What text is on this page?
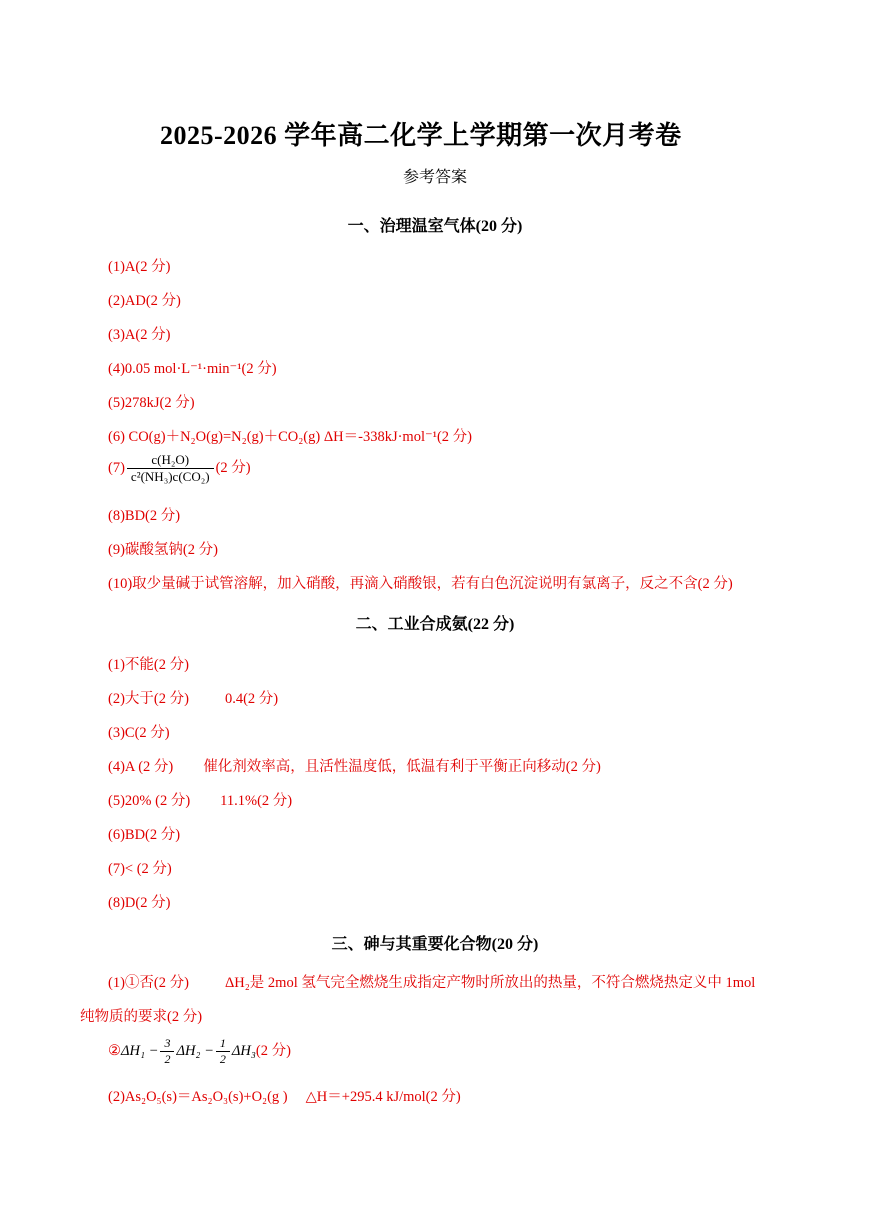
2025-2026 学年高二化学上学期第一次月考卷
参考答案
一、治理温室气体(20 分)
(1)A(2 分)
(2)AD(2 分)
(3)A(2 分)
(4)0.05 mol·L⁻¹·min⁻¹(2 分)
(5)278kJ(2 分)
(6) CO(g)＋N₂O(g)=N₂(g)＋CO₂(g) ΔH＝-338kJ·mol⁻¹(2 分)
$(7) \frac{\text{c(H₂O)}}{\text{c²(NH₃)c(CO₂)}} (2$ 分)
(8)BD(2 分)
(9)碳酸氢钠(2 分)
(10)取少量碱于试管溶解，加入硝酸，再滴入硝酸银，若有白色沉淀说明有氯离子，反之不含(2 分)
二、工业合成氨(22 分)
(1)不能(2 分)
(2)大于(2 分) 0.4(2 分)
(3)C(2 分)
(4)A (2 分) 催化剂效率高，且活性温度低，低温有利于平衡正向移动(2 分)
(5)20% (2 分) 11.1%(2 分)
(6)BD(2 分)
(7)< (2 分)
(8)D(2 分)
三、砷与其重要化合物(20 分)
(1)①否(2 分) ΔH₂是 2mol 氢气完全燃烧生成指定产物时所放出的热量，不符合燃烧热定义中 1mol
纯物质的要求(2 分)
②ΔH₁ − $\frac{3}{2} \Delta H_2 - \frac{1}{2} \Delta H_3(2$ 分)
(2)As₂O₅(s)＝As₂O₃(s)+O₂(g ) △H＝+295.4 kJ/mol(2 分)
